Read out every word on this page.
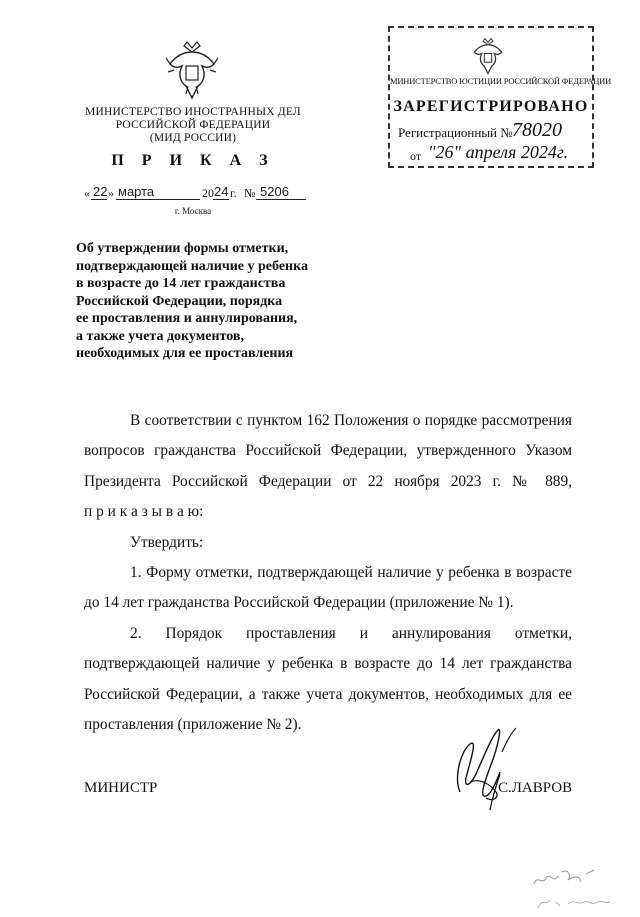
МИНИСТЕРСТВО ИНОСТРАННЫХ ДЕЛ
РОССИЙСКОЙ ФЕДЕРАЦИИ
(МИД РОССИИ)
П Р И К А З
« 22 » марта	20 24 г. № 5206
г. Москва
МИНИСТЕРСТВО ЮСТИЦИИ РОССИЙСКОЙ ФЕДЕРАЦИИ
ЗАРЕГИСТРИРОВАНО
Регистрационный № 78020
от "26" апреля 2024г.
Об утверждении формы отметки,
подтверждающей наличие у ребенка
в возрасте до 14 лет гражданства
Российской Федерации, порядка
ее проставления и аннулирования,
а также учета документов,
необходимых для ее проставления
В соответствии с пунктом 162 Положения о порядке рассмотрения
вопросов гражданства Российской Федерации, утвержденного Указом
Президента Российской Федерации от 22 ноября 2023 г. № 889,
п р и к а з ы в а ю:
Утвердить:
1. Форму отметки, подтверждающей наличие у ребенка в возрасте
до 14 лет гражданства Российской Федерации (приложение № 1).
2. Порядок проставления и аннулирования отметки,
подтверждающей наличие у ребенка в возрасте до 14 лет гражданства
Российской Федерации, а также учета документов, необходимых для ее
проставления (приложение № 2).
МИНИСТР	С.ЛАВРОВ
